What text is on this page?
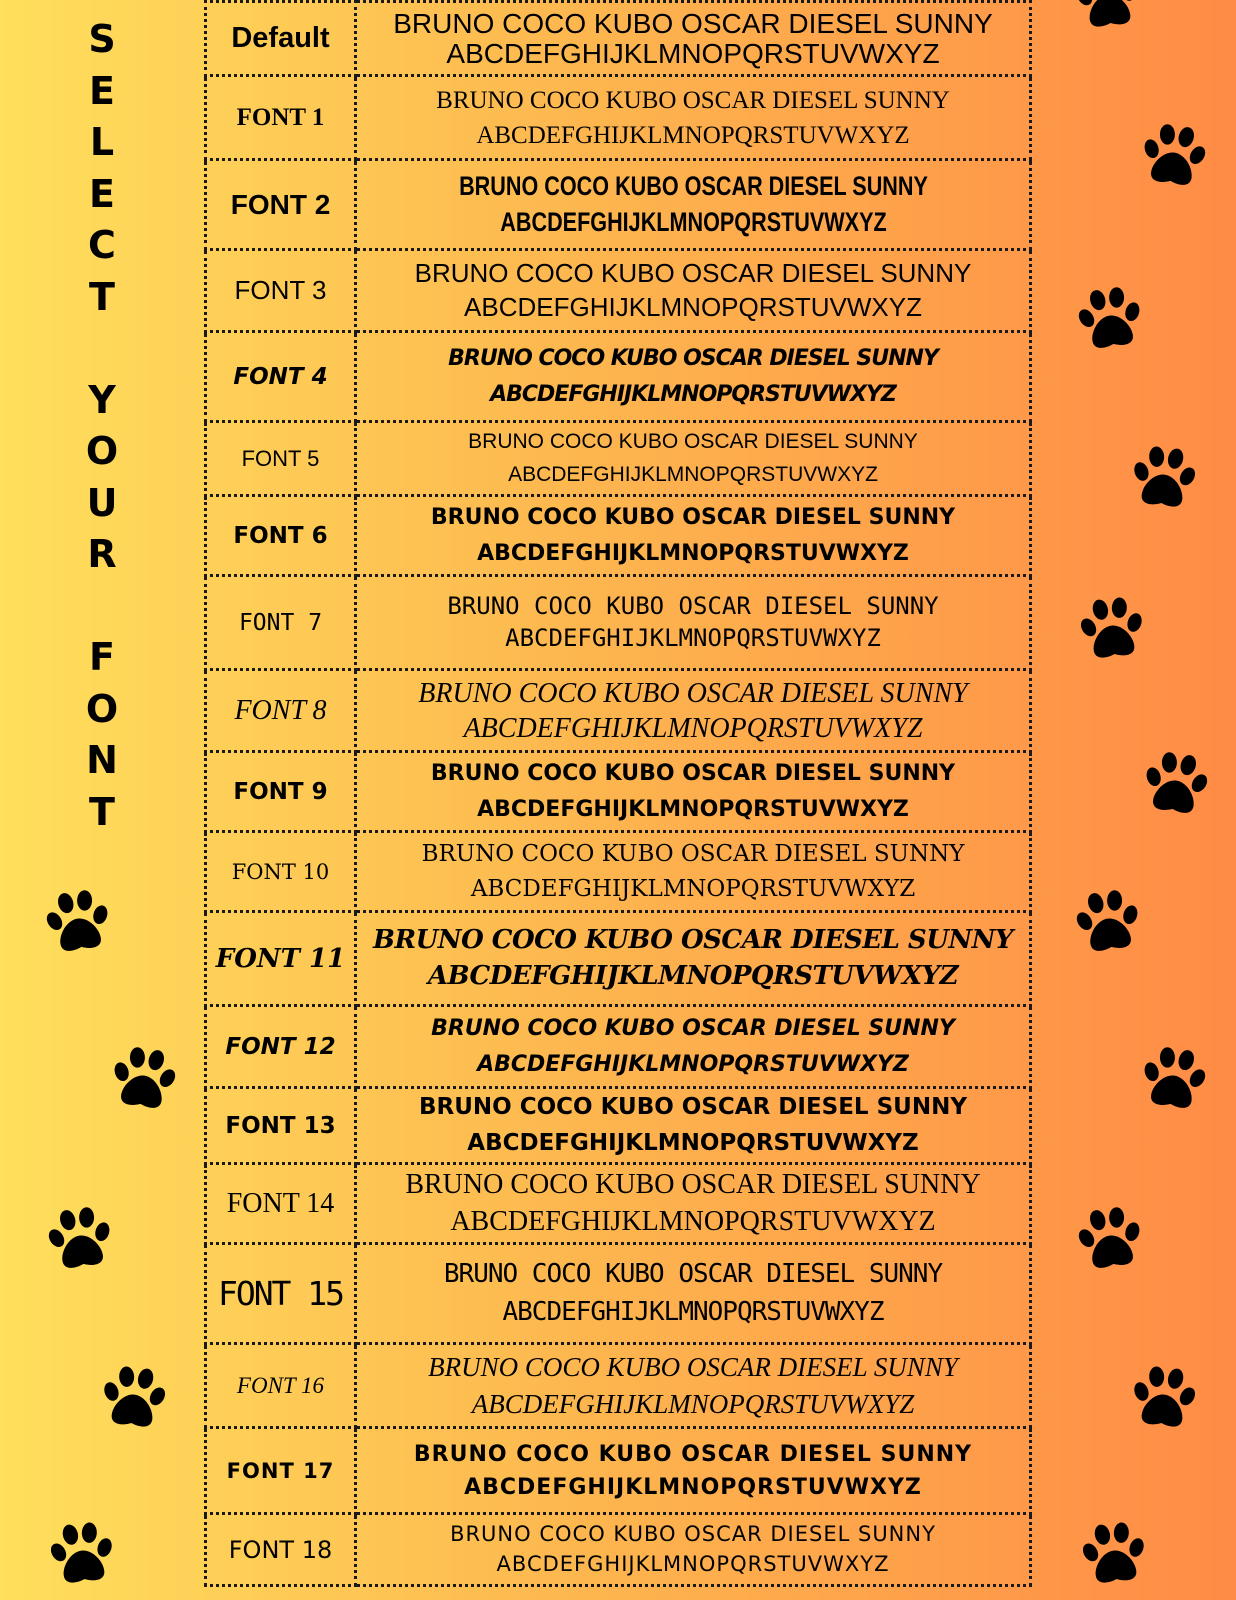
S
E
L
E
C
T
Y
O
U
R
F
O
N
T
Default	BRUNO COCO KUBO OSCAR DIESEL SUNNY
ABCDEFGHIJKLMNOPQRSTUVWXYZ

FONT 1	BRUNO COCO KUBO OSCAR DIESEL SUNNY
ABCDEFGHIJKLMNOPQRSTUVWXYZ

FONT 2	BRUNO COCO KUBO OSCAR DIESEL SUNNY
ABCDEFGHIJKLMNOPQRSTUVWXYZ

FONT 3	BRUNO COCO KUBO OSCAR DIESEL SUNNY
ABCDEFGHIJKLMNOPQRSTUVWXYZ

FONT 4	BRUNO COCO KUBO OSCAR DIESEL SUNNY
ABCDEFGHIJKLMNOPQRSTUVWXYZ

FONT 5	BRUNO COCO KUBO OSCAR DIESEL SUNNY
ABCDEFGHIJKLMNOPQRSTUVWXYZ

FONT 6	BRUNO COCO KUBO OSCAR DIESEL SUNNY
ABCDEFGHIJKLMNOPQRSTUVWXYZ

FONT 7	BRUNO COCO KUBO OSCAR DIESEL SUNNY
ABCDEFGHIJKLMNOPQRSTUVWXYZ

FONT 8	BRUNO COCO KUBO OSCAR DIESEL SUNNY
ABCDEFGHIJKLMNOPQRSTUVWXYZ

FONT 9	BRUNO COCO KUBO OSCAR DIESEL SUNNY
ABCDEFGHIJKLMNOPQRSTUVWXYZ

FONT 10	BRUNO COCO KUBO OSCAR DIESEL SUNNY
ABCDEFGHIJKLMNOPQRSTUVWXYZ

FONT 11	BRUNO COCO KUBO OSCAR DIESEL SUNNY
ABCDEFGHIJKLMNOPQRSTUVWXYZ

FONT 12	BRUNO COCO KUBO OSCAR DIESEL SUNNY
ABCDEFGHIJKLMNOPQRSTUVWXYZ

FONT 13	BRUNO COCO KUBO OSCAR DIESEL SUNNY
ABCDEFGHIJKLMNOPQRSTUVWXYZ

FONT 14	BRUNO COCO KUBO OSCAR DIESEL SUNNY
ABCDEFGHIJKLMNOPQRSTUVWXYZ

FONT 15	BRUNO COCO KUBO OSCAR DIESEL SUNNY
ABCDEFGHIJKLMNOPQRSTUVWXYZ

FONT 16	BRUNO COCO KUBO OSCAR DIESEL SUNNY
ABCDEFGHIJKLMNOPQRSTUVWXYZ

FONT 17	BRUNO COCO KUBO OSCAR DIESEL SUNNY
ABCDEFGHIJKLMNOPQRSTUVWXYZ

FONT 18	BRUNO COCO KUBO OSCAR DIESEL SUNNY
ABCDEFGHIJKLMNOPQRSTUVWXYZ
